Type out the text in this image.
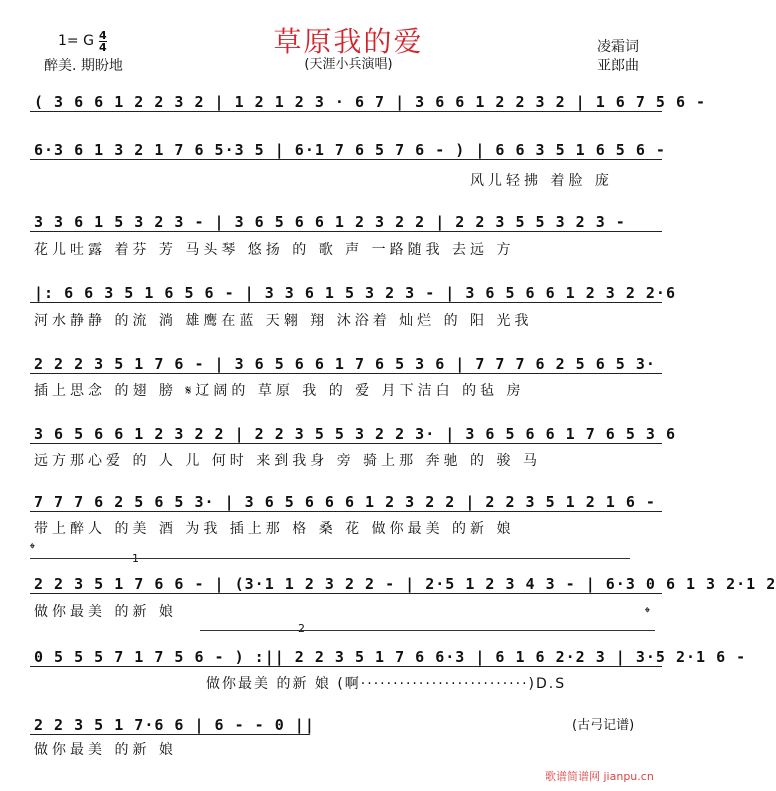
草原我的爱
1= G 4
4
醉美. 期盼地	(天涯小兵演唱)
凌霜词
亚郎曲
( 3 6 6 1 2 2 3 2 | 1 2 1 2 3 · 6 7 | 3 6 6 1 2 2 3 2 | 1 6 7 5 6 -
6·3 6 1 3 2 1 7 6 5·3 5 | 6·1 7 6 5 7 6 - ) | 6 6 3 5 1 6 5 6 -
风儿轻拂 着脸 庞
3 3 6 1 5 3 2 3 - | 3 6 5 6 6 1 2 3 2 2 | 2 2 3 5 5 3 2 3 -
花儿吐露 着芬 芳 马头琴 悠扬 的 歌 声 一路随我 去远 方
|: 6 6 3 5 1 6 5 6 - | 3 3 6 1 5 3 2 3 - | 3 6 5 6 6 1 2 3 2 2·6
河水静静 的流 淌 雄鹰在蓝 天翱 翔 沐浴着 灿烂 的 阳 光我
2 2 2 3 5 1 7 6 - | 3 6 5 6 6 1 7 6 5 3 6 | 7 7 7 6 2 5 6 5 3·
插上思念 的翅 膀 𝄋辽阔的 草原 我 的 爱 月下洁白 的毡 房
3 6 5 6 6 1 2 3 2 2 | 2 2 3 5 5 3 2 2 3· | 3 6 5 6 6 1 7 6 5 3 6
远方那心爱 的 人 儿 何时 来到我身 旁 骑上那 奔驰 的 骏 马
7 7 7 6 2 5 6 5 3· | 3 6 5 6 6 6 1 2 3 2 2 | 2 2 3 5 1 2 1 6 -
带上醉人 的美 酒 为我 插上那 格 桑 花 做你最美 的新 娘
𝄌
1
2 2 3 5 1 7 6 6 - | (3·1 1 2 3 2 2 - | 2·5 1 2 3 4 3 - | 6·3 0 6 1 3 2·1 2
做你最美 的新 娘	𝄌
2
0 5 5 5 7 1 7 5 6 - ) :|| 2 2 3 5 1 7 6 6·3 | 6 1 6 2·2 3 | 3·5 2·1 6 -
做你最美 的新 娘 (啊··························)D.S
2 2 3 5 1 7·6 6 | 6 - - 0 ||
做你最美 的新 娘
(古弓记谱)
歌谱简谱网 jianpu.cn
